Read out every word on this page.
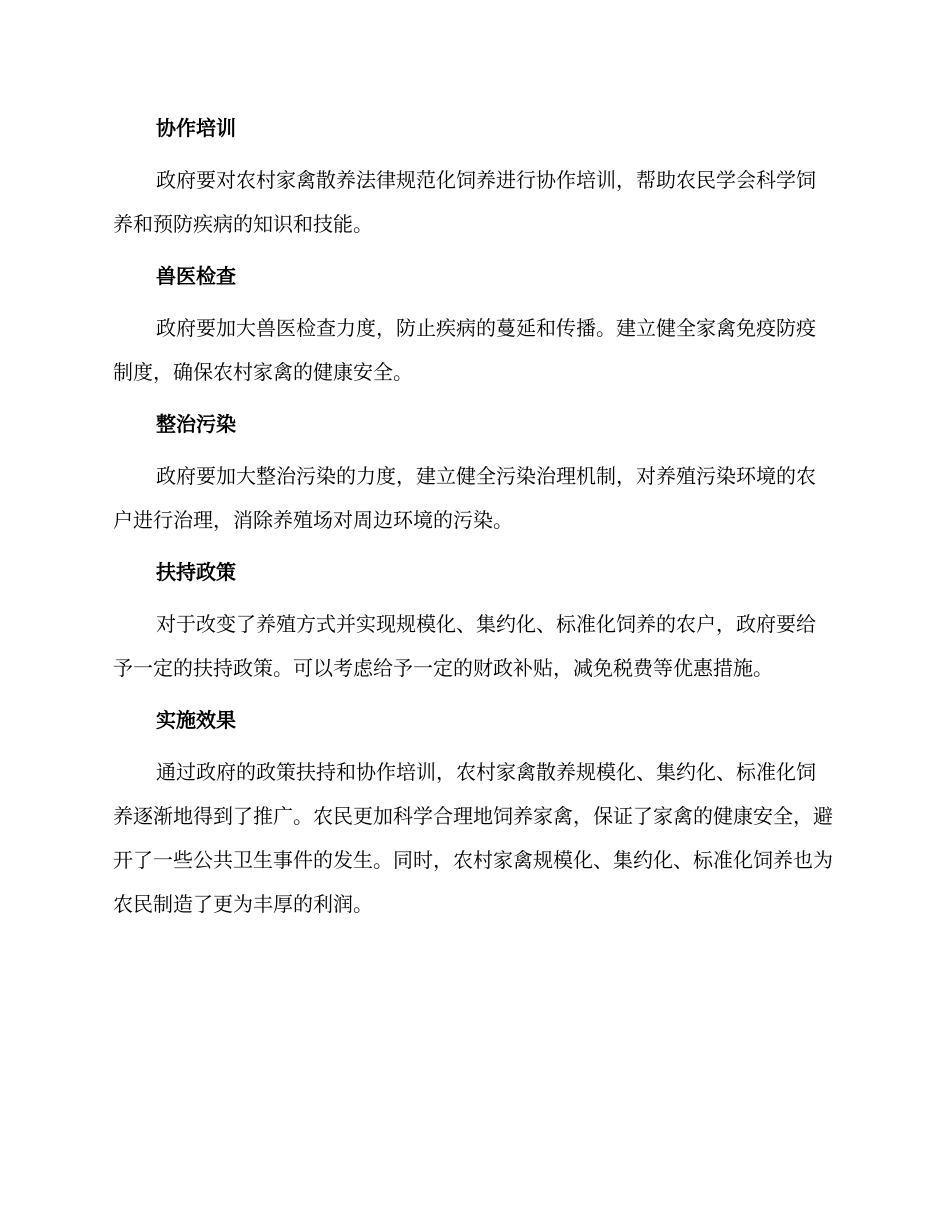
协作培训

政府要对农村家禽散养法律规范化饲养进行协作培训，帮助农民学会科学饲养和预防疾病的知识和技能。

兽医检查

政府要加大兽医检查力度，防止疾病的蔓延和传播。建立健全家禽免疫防疫制度，确保农村家禽的健康安全。

整治污染

政府要加大整治污染的力度，建立健全污染治理机制，对养殖污染环境的农户进行治理，消除养殖场对周边环境的污染。

扶持政策

对于改变了养殖方式并实现规模化、集约化、标准化饲养的农户，政府要给予一定的扶持政策。可以考虑给予一定的财政补贴，减免税费等优惠措施。

实施效果

通过政府的政策扶持和协作培训，农村家禽散养规模化、集约化、标准化饲养逐渐地得到了推广。农民更加科学合理地饲养家禽，保证了家禽的健康安全，避开了一些公共卫生事件的发生。同时，农村家禽规模化、集约化、标准化饲养也为农民制造了更为丰厚的利润。
